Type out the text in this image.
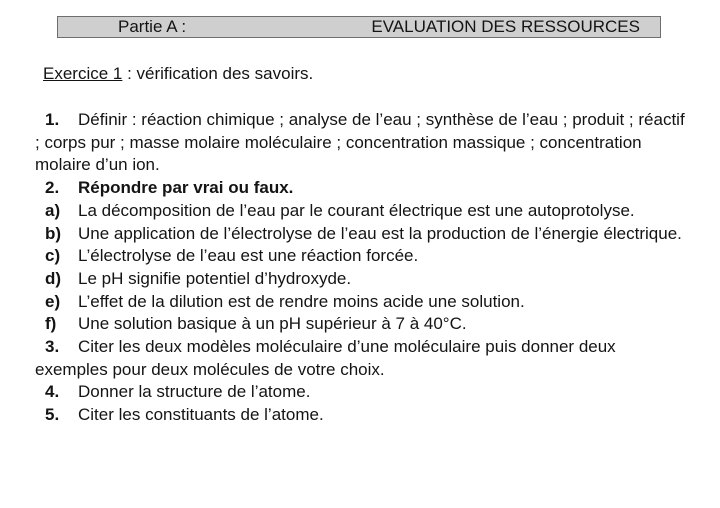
Partie A :	EVALUATION DES RESSOURCES
Exercice 1 : vérification des savoirs.

1. Définir : réaction chimique ; analyse de l’eau ; synthèse de l’eau ; produit ; réactif ; corps pur ; masse molaire moléculaire ; concentration massique ; concentration molaire d’un ion.

2. Répondre par vrai ou faux.

a) La décomposition de l’eau par le courant électrique est une autoprotolyse.

b) Une application de l’électrolyse de l’eau est la production de l’énergie électrique.

c) L’électrolyse de l’eau est une réaction forcée.

d) Le pH signifie potentiel d’hydroxyde.

e) L’effet de la dilution est de rendre moins acide une solution.

f) Une solution basique à un pH supérieur à 7 à 40°C.

3. Citer les deux modèles moléculaire d’une moléculaire puis donner deux exemples pour deux molécules de votre choix.

4. Donner la structure de l’atome.

5. Citer les constituants de l’atome.
